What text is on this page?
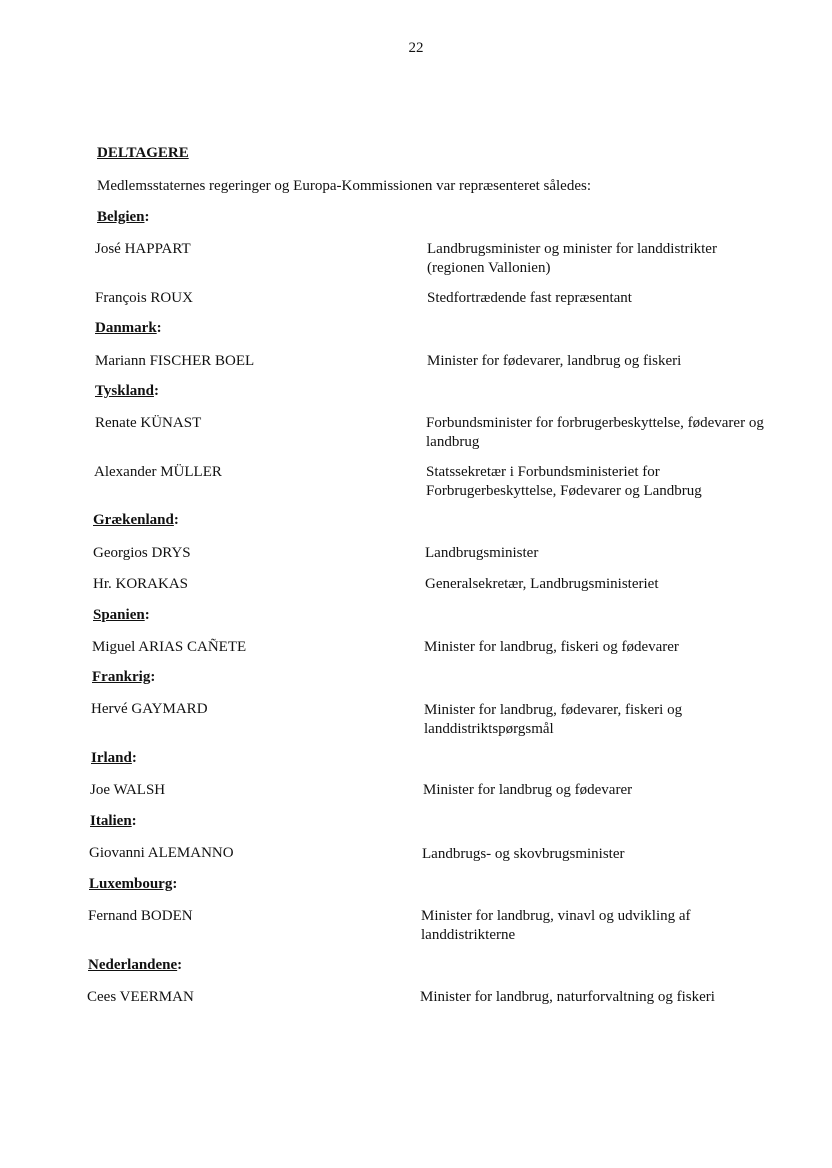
22
DELTAGERE
Medlemsstaternes regeringer og Europa-Kommissionen var repræsenteret således:
Belgien:
José HAPPART	Landbrugsminister og minister for landdistrikter (regionen Vallonien)
François ROUX	Stedfortrædende fast repræsentant
Danmark:
Mariann FISCHER BOEL	Minister for fødevarer, landbrug og fiskeri
Tyskland:
Renate KÜNAST	Forbundsminister for forbrugerbeskyttelse, fødevarer og landbrug
Alexander MÜLLER	Statssekretær i Forbundsministeriet for Forbrugerbeskyttelse, Fødevarer og Landbrug
Grækenland:
Georgios DRYS	Landbrugsminister
Hr. KORAKAS	Generalsekretær, Landbrugsministeriet
Spanien:
Miguel ARIAS CAÑETE	Minister for landbrug, fiskeri og fødevarer
Frankrig:
Hervé GAYMARD	Minister for landbrug, fødevarer, fiskeri og landdistriktspørgsmål
Irland:
Joe WALSH	Minister for landbrug og fødevarer
Italien:
Giovanni ALEMANNO	Landbrugs- og skovbrugsminister
Luxembourg:
Fernand BODEN	Minister for landbrug, vinavl og udvikling af landdistrikterne
Nederlandene:
Cees VEERMAN	Minister for landbrug, naturforvaltning og fiskeri
